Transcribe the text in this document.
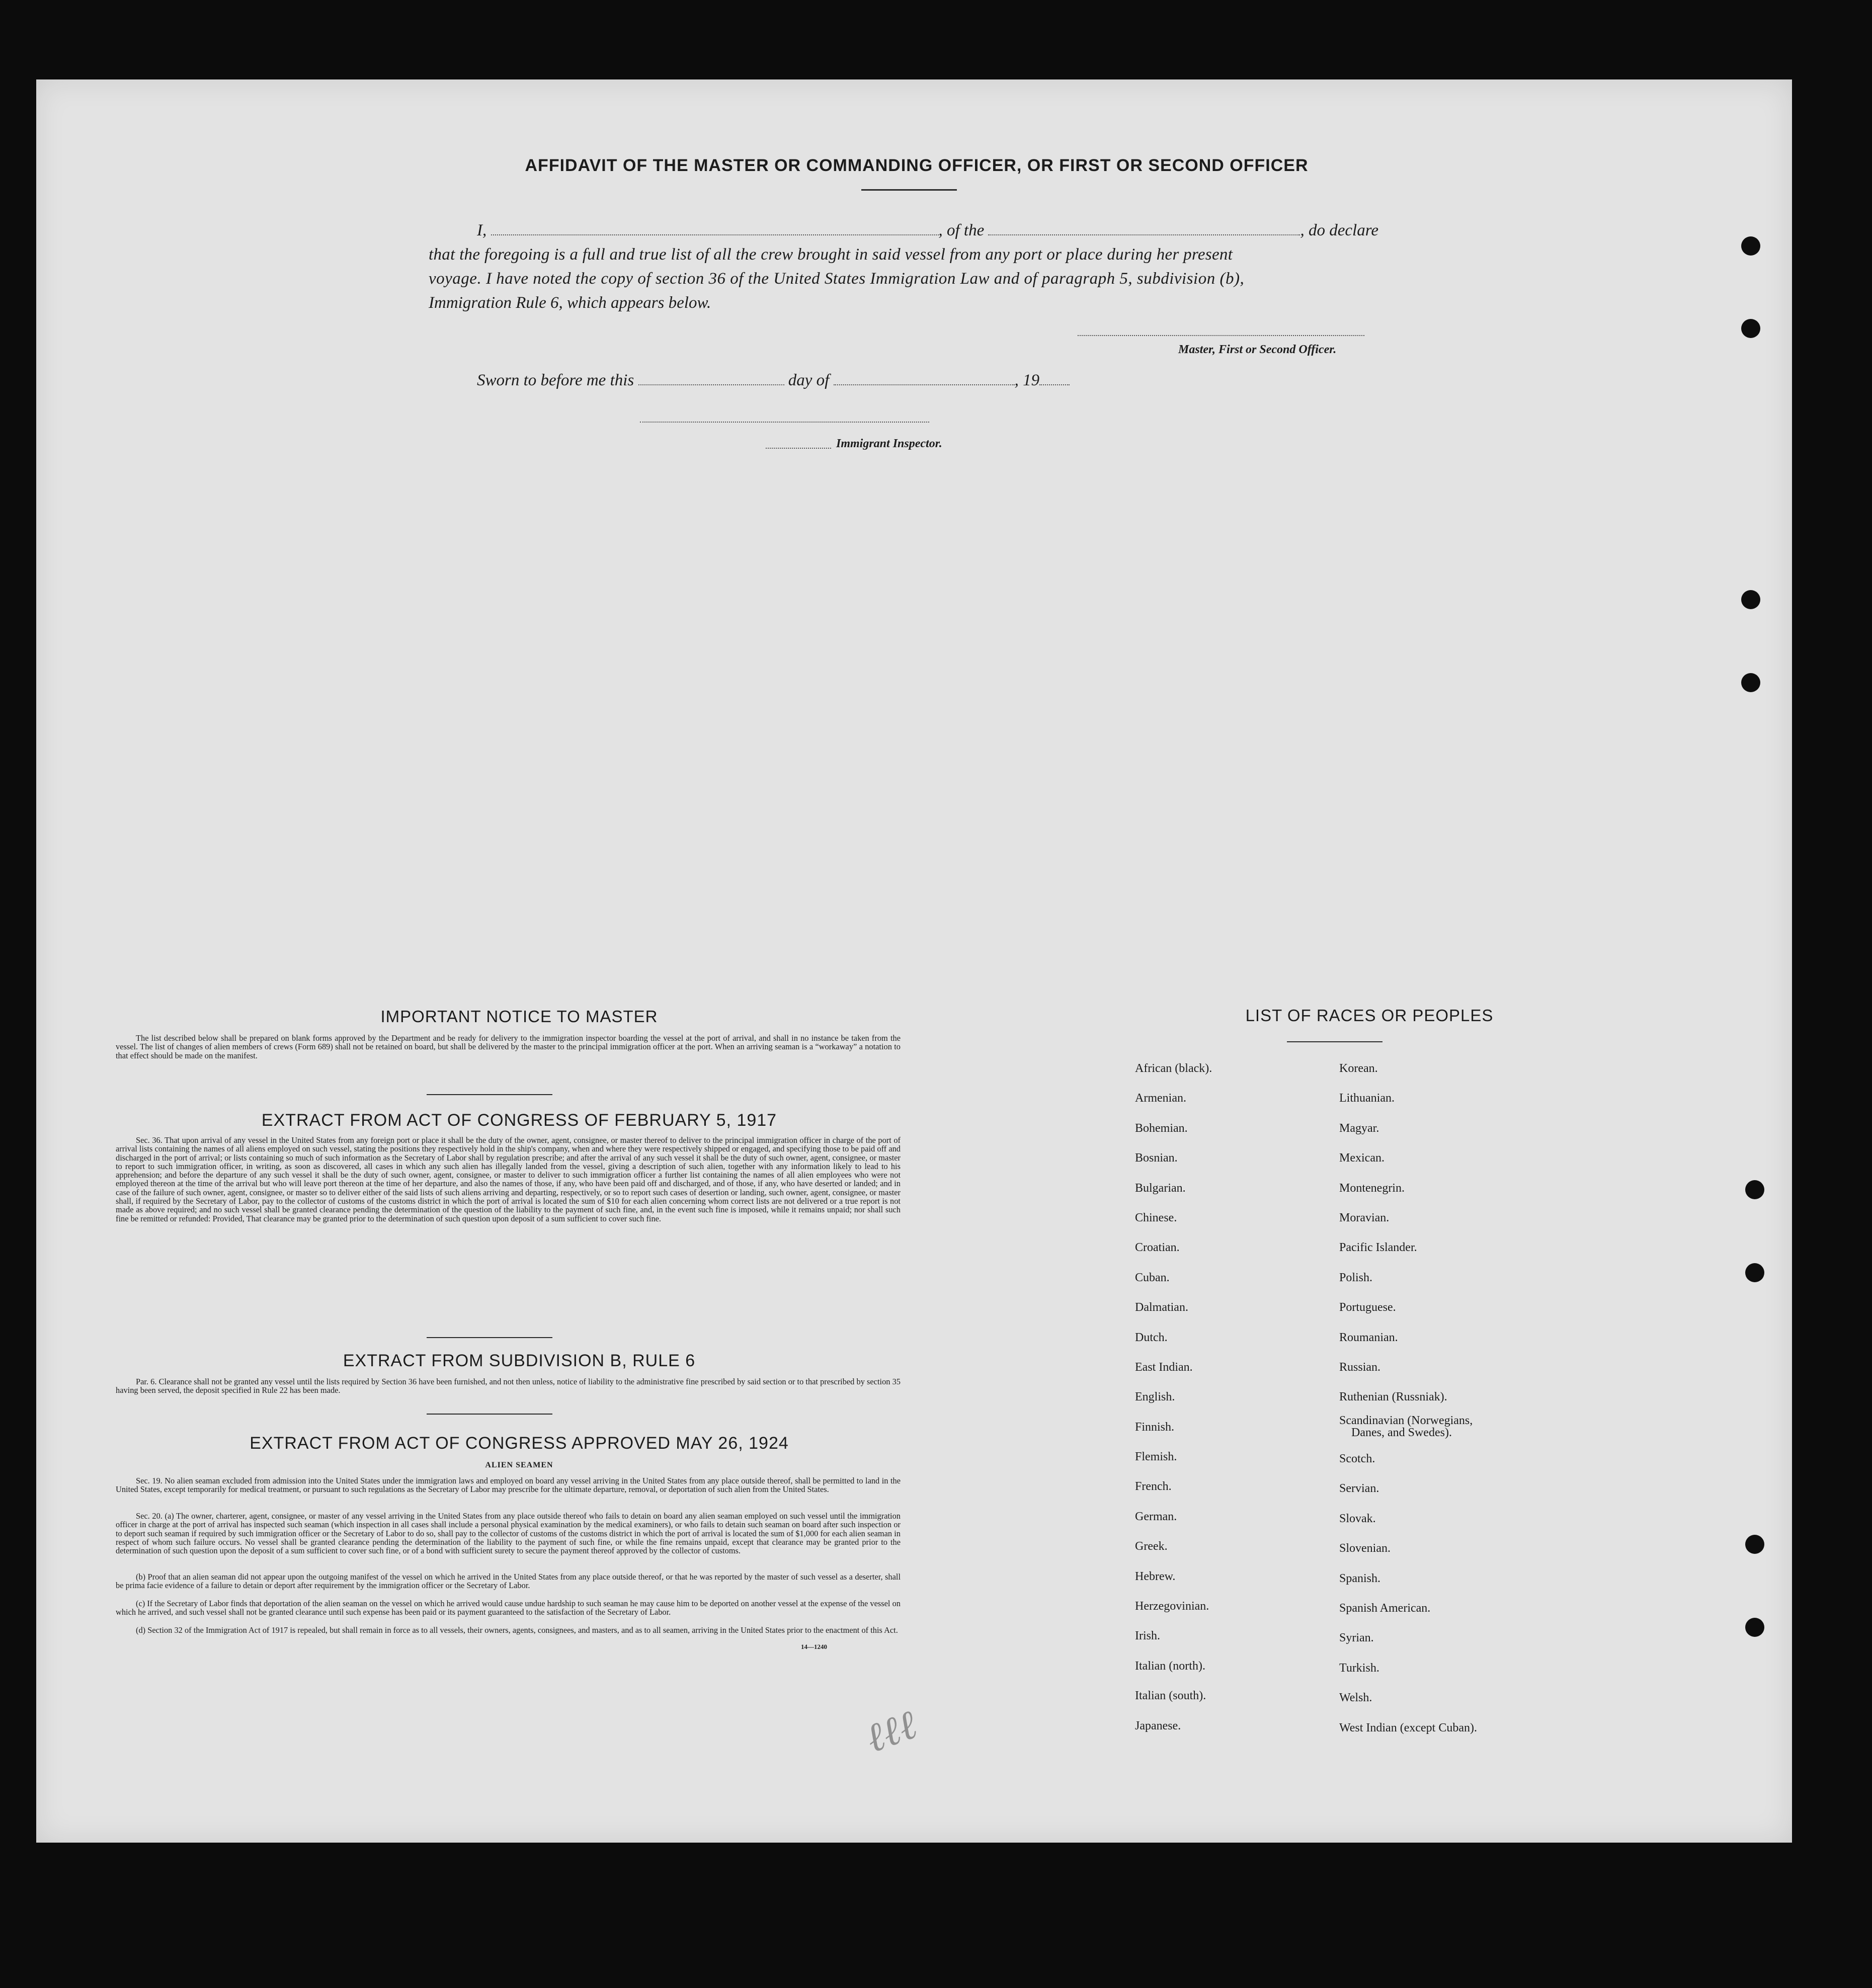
AFFIDAVIT OF THE MASTER OR COMMANDING OFFICER, OR FIRST OR SECOND OFFICER
I,	, of the	, do declare
that the foregoing is a full and true list of all the crew brought in said vessel from any port or place during her present
voyage. I have noted the copy of section 36 of the United States Immigration Law and of paragraph 5, subdivision (b),
Immigration Rule 6, which appears below.
Master, First or Second Officer.
Sworn to before me this	day of	, 19
Immigrant Inspector.
IMPORTANT NOTICE TO MASTER
The list described below shall be prepared on blank forms approved by the Department and be ready for delivery to the immigration inspector boarding the vessel at the port of arrival, and shall in no instance be taken from the vessel. The list of changes of alien members of crews (Form 689) shall not be retained on board, but shall be delivered by the master to the principal immigration officer at the port. When an arriving seaman is a “workaway” a notation to that effect should be made on the manifest.
EXTRACT FROM ACT OF CONGRESS OF FEBRUARY 5, 1917
Sec. 36. That upon arrival of any vessel in the United States from any foreign port or place it shall be the duty of the owner, agent, consignee, or master thereof to deliver to the principal immigration officer in charge of the port of arrival lists containing the names of all aliens employed on such vessel, stating the positions they respectively hold in the ship's company, when and where they were respectively shipped or engaged, and specifying those to be paid off and discharged in the port of arrival; or lists containing so much of such information as the Secretary of Labor shall by regulation prescribe; and after the arrival of any such vessel it shall be the duty of such owner, agent, consignee, or master to report to such immigration officer, in writing, as soon as discovered, all cases in which any such alien has illegally landed from the vessel, giving a description of such alien, together with any information likely to lead to his apprehension; and before the departure of any such vessel it shall be the duty of such owner, agent, consignee, or master to deliver to such immigration officer a further list containing the names of all alien employees who were not employed thereon at the time of the arrival but who will leave port thereon at the time of her departure, and also the names of those, if any, who have been paid off and discharged, and of those, if any, who have deserted or landed; and in case of the failure of such owner, agent, consignee, or master so to deliver either of the said lists of such aliens arriving and departing, respectively, or so to report such cases of desertion or landing, such owner, agent, consignee, or master shall, if required by the Secretary of Labor, pay to the collector of customs of the customs district in which the port of arrival is located the sum of $10 for each alien concerning whom correct lists are not delivered or a true report is not made as above required; and no such vessel shall be granted clearance pending the determination of the question of the liability to the payment of such fine, and, in the event such fine is imposed, while it remains unpaid; nor shall such fine be remitted or refunded: Provided, That clearance may be granted prior to the determination of such question upon deposit of a sum sufficient to cover such fine.
EXTRACT FROM SUBDIVISION B, RULE 6
Par. 6. Clearance shall not be granted any vessel until the lists required by Section 36 have been furnished, and not then unless, notice of liability to the administrative fine prescribed by said section or to that prescribed by section 35 having been served, the deposit specified in Rule 22 has been made.
EXTRACT FROM ACT OF CONGRESS APPROVED MAY 26, 1924
ALIEN SEAMEN
Sec. 19. No alien seaman excluded from admission into the United States under the immigration laws and employed on board any vessel arriving in the United States from any place outside thereof, shall be permitted to land in the United States, except temporarily for medical treatment, or pursuant to such regulations as the Secretary of Labor may prescribe for the ultimate departure, removal, or deportation of such alien from the United States.
Sec. 20. (a) The owner, charterer, agent, consignee, or master of any vessel arriving in the United States from any place outside thereof who fails to detain on board any alien seaman employed on such vessel until the immigration officer in charge at the port of arrival has inspected such seaman (which inspection in all cases shall include a personal physical examination by the medical examiners), or who fails to detain such seaman on board after such inspection or to deport such seaman if required by such immigration officer or the Secretary of Labor to do so, shall pay to the collector of customs of the customs district in which the port of arrival is located the sum of $1,000 for each alien seaman in respect of whom such failure occurs. No vessel shall be granted clearance pending the determination of the liability to the payment of such fine, or while the fine remains unpaid, except that clearance may be granted prior to the determination of such question upon the deposit of a sum sufficient to cover such fine, or of a bond with sufficient surety to secure the payment thereof approved by the collector of customs.
(b) Proof that an alien seaman did not appear upon the outgoing manifest of the vessel on which he arrived in the United States from any place outside thereof, or that he was reported by the master of such vessel as a deserter, shall be prima facie evidence of a failure to detain or deport after requirement by the immigration officer or the Secretary of Labor.
(c) If the Secretary of Labor finds that deportation of the alien seaman on the vessel on which he arrived would cause undue hardship to such seaman he may cause him to be deported on another vessel at the expense of the vessel on which he arrived, and such vessel shall not be granted clearance until such expense has been paid or its payment guaranteed to the satisfaction of the Secretary of Labor.
(d) Section 32 of the Immigration Act of 1917 is repealed, but shall remain in force as to all vessels, their owners, agents, consignees, and masters, and as to all seamen, arriving in the United States prior to the enactment of this Act.
14—1240
ℓℓℓ
LIST OF RACES OR PEOPLES
African (black).
Armenian.
Bohemian.
Bosnian.
Bulgarian.
Chinese.
Croatian.
Cuban.
Dalmatian.
Dutch.
East Indian.
English.
Finnish.
Flemish.
French.
German.
Greek.
Hebrew.
Herzegovinian.
Irish.
Italian (north).
Italian (south).
Japanese.
Korean.
Lithuanian.
Magyar.
Mexican.
Montenegrin.
Moravian.
Pacific Islander.
Polish.
Portuguese.
Roumanian.
Russian.
Ruthenian (Russniak).
Scandinavian (Norwegians,
Danes, and Swedes).
Scotch.
Servian.
Slovak.
Slovenian.
Spanish.
Spanish American.
Syrian.
Turkish.
Welsh.
West Indian (except Cuban).
